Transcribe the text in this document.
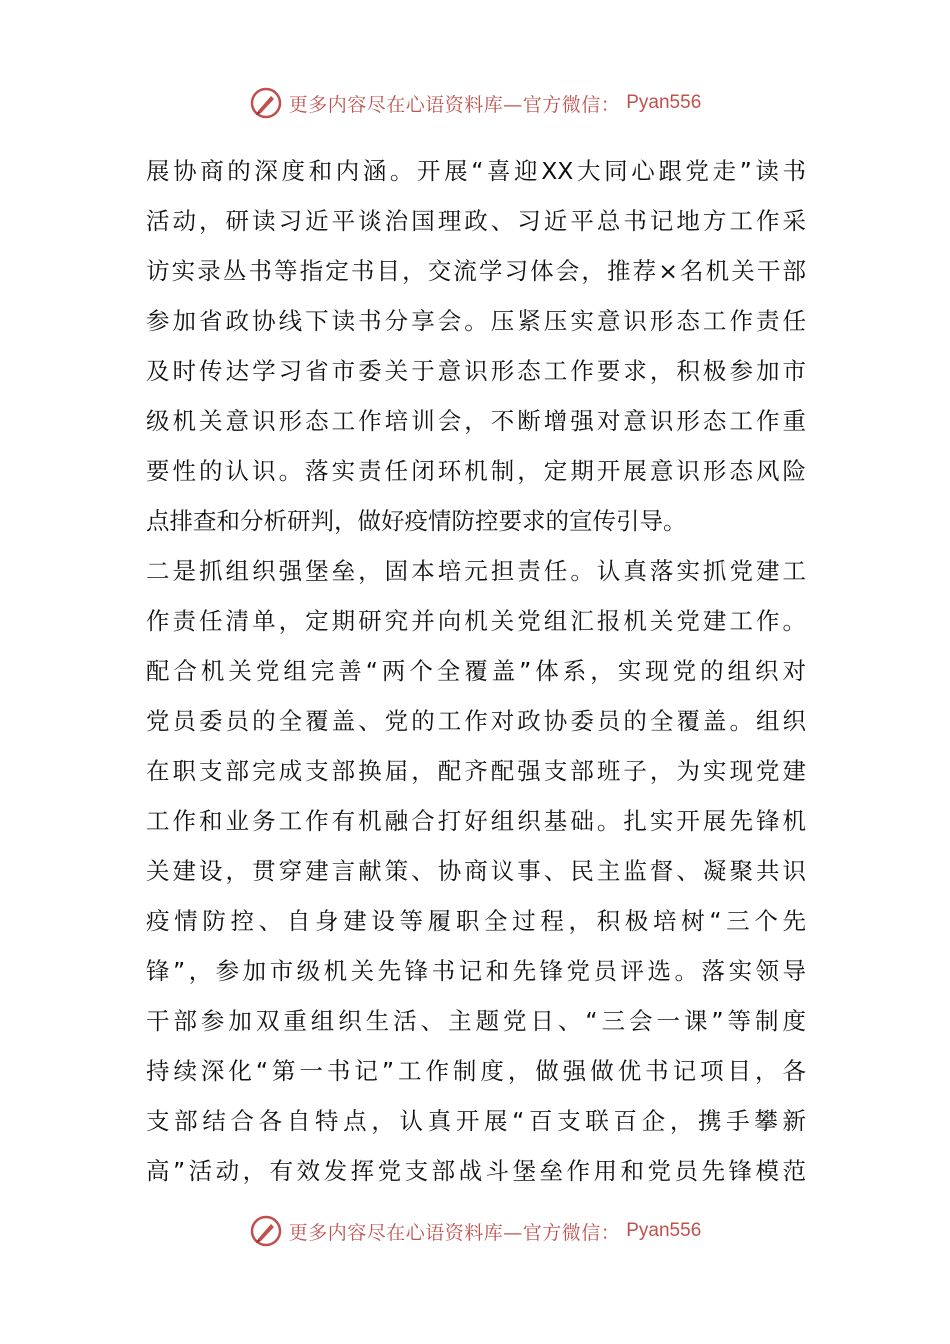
更多内容尽在心语资料库—官方微信： Pyan556
展协商的深度和内涵。开展“喜迎XX大同心跟党走”读书
活动，研读习近平谈治国理政、习近平总书记地方工作采
访实录丛书等指定书目，交流学习体会，推荐×名机关干部
参加省政协线下读书分享会。压紧压实意识形态工作责任
及时传达学习省市委关于意识形态工作要求，积极参加市
级机关意识形态工作培训会，不断增强对意识形态工作重
要性的认识。落实责任闭环机制，定期开展意识形态风险
点排查和分析研判，做好疫情防控要求的宣传引导。
二是抓组织强堡垒，固本培元担责任。认真落实抓党建工
作责任清单，定期研究并向机关党组汇报机关党建工作。
配合机关党组完善“两个全覆盖”体系，实现党的组织对
党员委员的全覆盖、党的工作对政协委员的全覆盖。组织
在职支部完成支部换届，配齐配强支部班子，为实现党建
工作和业务工作有机融合打好组织基础。扎实开展先锋机
关建设，贯穿建言献策、协商议事、民主监督、凝聚共识
疫情防控、自身建设等履职全过程，积极培树“三个先
锋”，参加市级机关先锋书记和先锋党员评选。落实领导
干部参加双重组织生活、主题党日、“三会一课”等制度
持续深化“第一书记”工作制度，做强做优书记项目，各
支部结合各自特点，认真开展“百支联百企，携手攀新
高”活动，有效发挥党支部战斗堡垒作用和党员先锋模范
更多内容尽在心语资料库—官方微信： Pyan556
